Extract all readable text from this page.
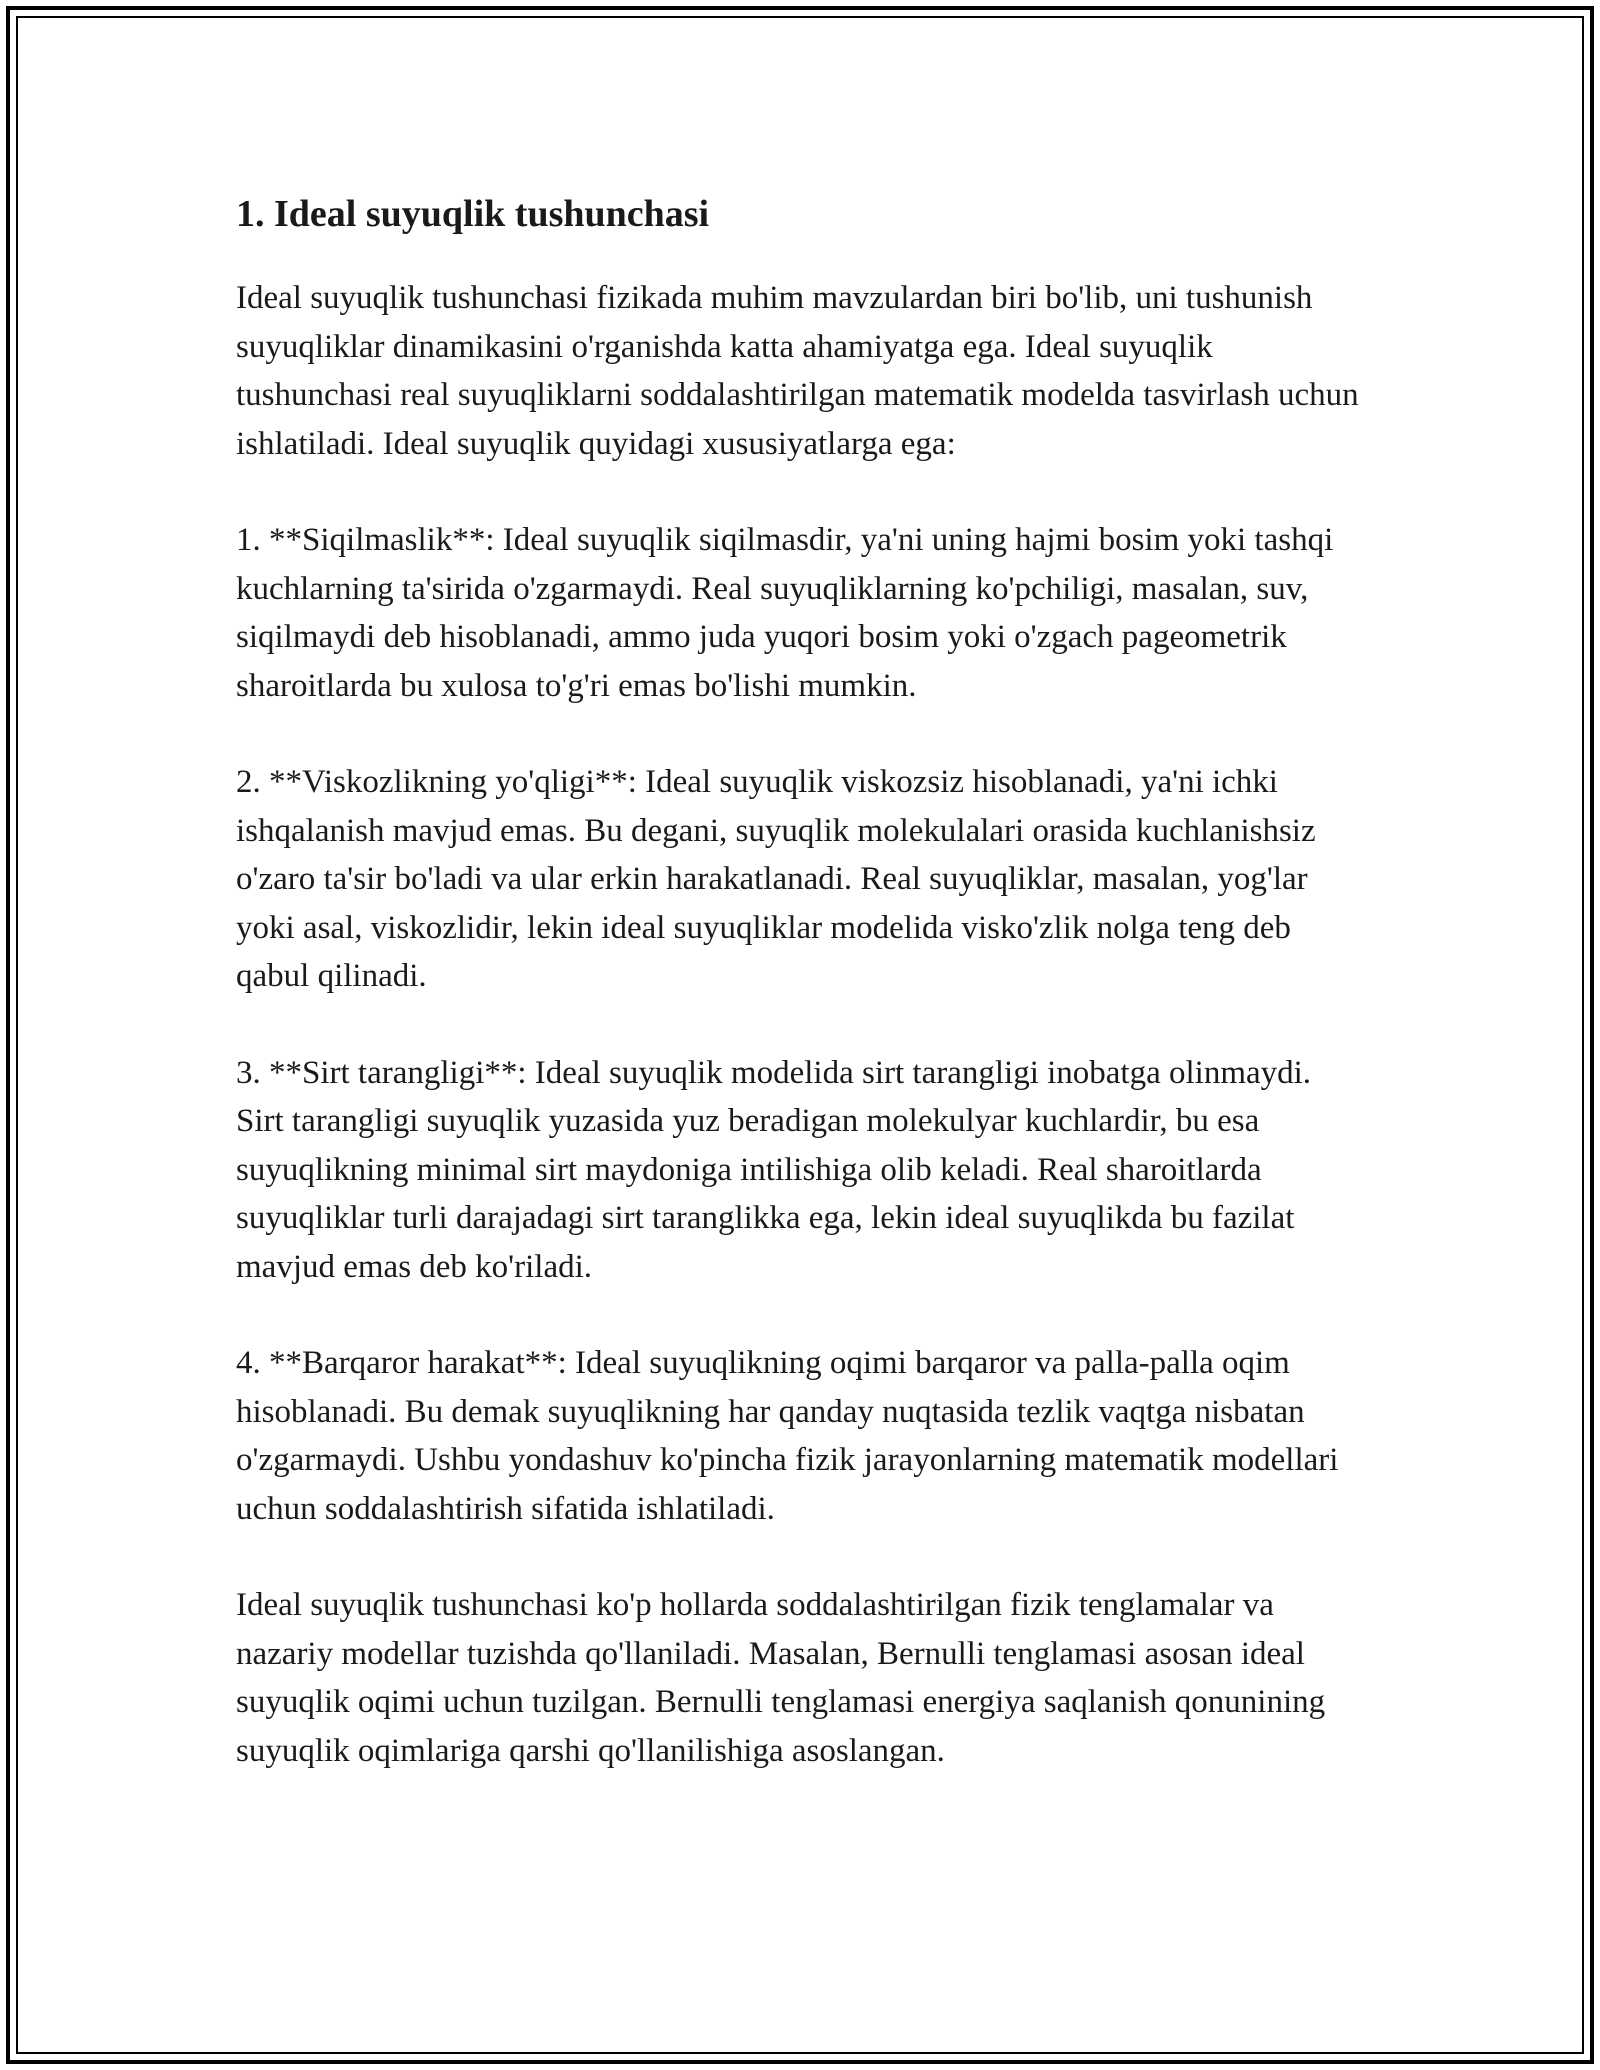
1. Ideal suyuqlik tushunchasi

Ideal suyuqlik tushunchasi fizikada muhim mavzulardan biri bo'lib, uni tushunish suyuqliklar dinamikasini o'rganishda katta ahamiyatga ega. Ideal suyuqlik tushunchasi real suyuqliklarni soddalashtirilgan matematik modelda tasvirlash uchun ishlatiladi. Ideal suyuqlik quyidagi xususiyatlarga ega:

1. **Siqilmaslik**: Ideal suyuqlik siqilmasdir, ya'ni uning hajmi bosim yoki tashqi kuchlarning ta'sirida o'zgarmaydi. Real suyuqliklarning ko'pchiligi, masalan, suv, siqilmaydi deb hisoblanadi, ammo juda yuqori bosim yoki o'zgach pageometrik sharoitlarda bu xulosa to'g'ri emas bo'lishi mumkin.

2. **Viskozlikning yo'qligi**: Ideal suyuqlik viskozsiz hisoblanadi, ya'ni ichki ishqalanish mavjud emas. Bu degani, suyuqlik molekulalari orasida kuchlanishsiz o'zaro ta'sir bo'ladi va ular erkin harakatlanadi. Real suyuqliklar, masalan, yog'lar yoki asal, viskozlidir, lekin ideal suyuqliklar modelida visko'zlik nolga teng deb qabul qilinadi.

3. **Sirt tarangligi**: Ideal suyuqlik modelida sirt tarangligi inobatga olinmaydi. Sirt tarangligi suyuqlik yuzasida yuz beradigan molekulyar kuchlardir, bu esa suyuqlikning minimal sirt maydoniga intilishiga olib keladi. Real sharoitlarda suyuqliklar turli darajadagi sirt taranglikka ega, lekin ideal suyuqlikda bu fazilat mavjud emas deb ko'riladi.

4. **Barqaror harakat**: Ideal suyuqlikning oqimi barqaror va palla-palla oqim hisoblanadi. Bu demak suyuqlikning har qanday nuqtasida tezlik vaqtga nisbatan o'zgarmaydi. Ushbu yondashuv ko'pincha fizik jarayonlarning matematik modellari uchun soddalashtirish sifatida ishlatiladi.

Ideal suyuqlik tushunchasi ko'p hollarda soddalashtirilgan fizik tenglamalar va nazariy modellar tuzishda qo'llaniladi. Masalan, Bernulli tenglamasi asosan ideal suyuqlik oqimi uchun tuzilgan. Bernulli tenglamasi energiya saqlanish qonunining suyuqlik oqimlariga qarshi qo'llanilishiga asoslangan.
